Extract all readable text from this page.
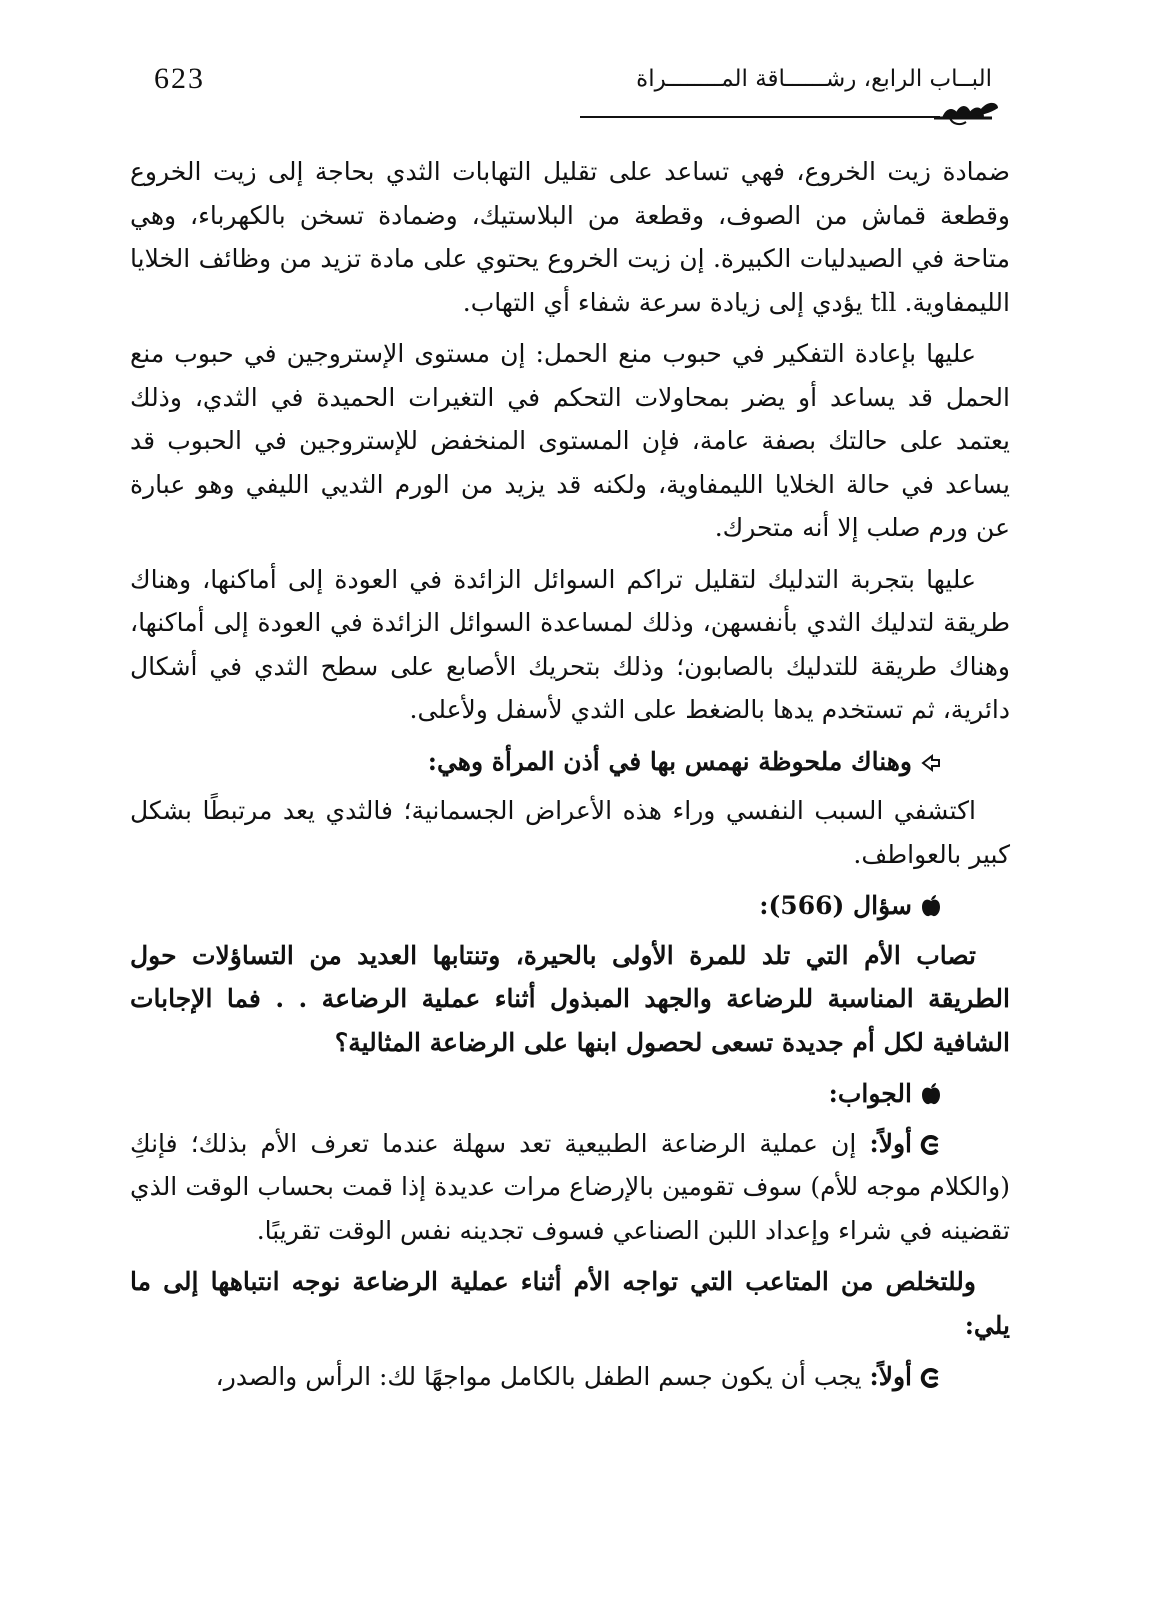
623	البــاب الرابع، رشــــــاقة المــــــــراة

ضمادة زيت الخروع، فهي تساعد على تقليل التهابات الثدي بحاجة إلى زيت الخروع وقطعة قماش من الصوف، وقطعة من البلاستيك، وضمادة تسخن بالكهرباء، وهي متاحة في الصيدليات الكبيرة. إن زيت الخروع يحتوي على مادة تزيد من وظائف الخلايا الليمفاوية. tll يؤدي إلى زيادة سرعة شفاء أي التهاب.

عليها بإعادة التفكير في حبوب منع الحمل: إن مستوى الإستروجين في حبوب منع الحمل قد يساعد أو يضر بمحاولات التحكم في التغيرات الحميدة في الثدي، وذلك يعتمد على حالتك بصفة عامة، فإن المستوى المنخفض للإستروجين في الحبوب قد يساعد في حالة الخلايا الليمفاوية، ولكنه قد يزيد من الورم الثديي الليفي وهو عبارة عن ورم صلب إلا أنه متحرك.

عليها بتجربة التدليك لتقليل تراكم السوائل الزائدة في العودة إلى أماكنها، وهناك طريقة لتدليك الثدي بأنفسهن، وذلك لمساعدة السوائل الزائدة في العودة إلى أماكنها، وهناك طريقة للتدليك بالصابون؛ وذلك بتحريك الأصابع على سطح الثدي في أشكال دائرية، ثم تستخدم يدها بالضغط على الثدي لأسفل ولأعلى.

وهناك ملحوظة نهمس بها في أذن المرأة وهي:

اكتشفي السبب النفسي وراء هذه الأعراض الجسمانية؛ فالثدي يعد مرتبطًا بشكل كبير بالعواطف.

سؤال (566):

تصاب الأم التي تلد للمرة الأولى بالحيرة، وتنتابها العديد من التساؤلات حول الطريقة المناسبة للرضاعة والجهد المبذول أثناء عملية الرضاعة . . فما الإجابات الشافية لكل أم جديدة تسعى لحصول ابنها على الرضاعة المثالية؟

الجواب:

أولاً: إن عملية الرضاعة الطبيعية تعد سهلة عندما تعرف الأم بذلك؛ فإنكِ (والكلام موجه للأم) سوف تقومين بالإرضاع مرات عديدة إذا قمت بحساب الوقت الذي تقضينه في شراء وإعداد اللبن الصناعي فسوف تجدينه نفس الوقت تقريبًا.

وللتخلص من المتاعب التي تواجه الأم أثناء عملية الرضاعة نوجه انتباهها إلى ما يلي:

أولاً: يجب أن يكون جسم الطفل بالكامل مواجهًا لك: الرأس والصدر،
